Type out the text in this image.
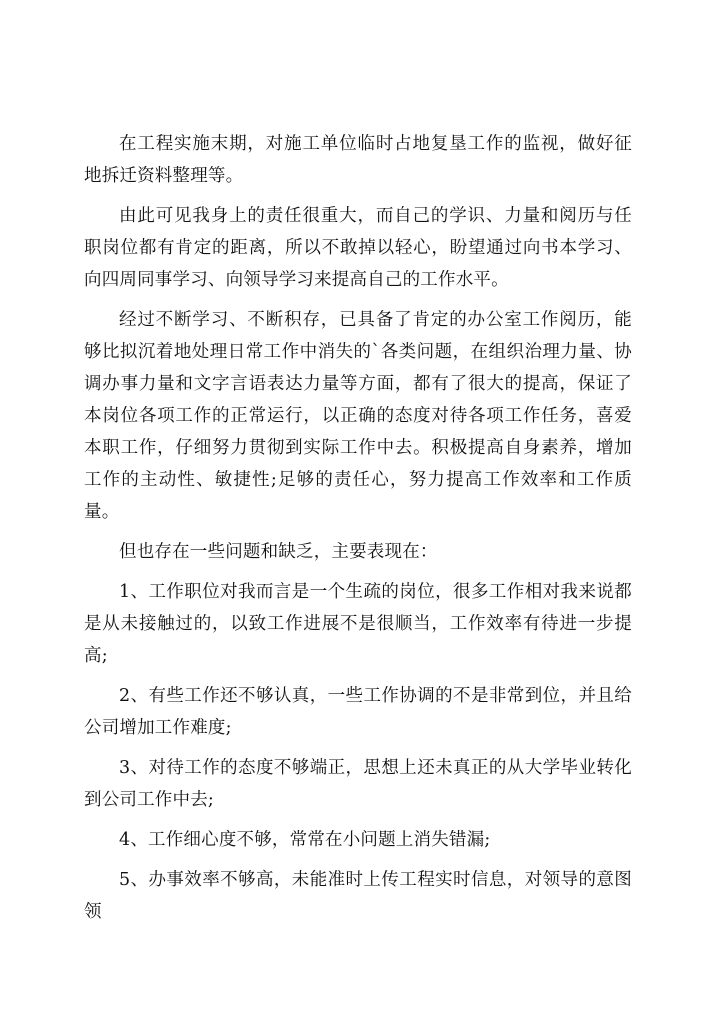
在工程实施末期，对施工单位临时占地复垦工作的监视，做好征地拆迁资料整理等。

由此可见我身上的责任很重大，而自己的学识、力量和阅历与任职岗位都有肯定的距离，所以不敢掉以轻心，盼望通过向书本学习、向四周同事学习、向领导学习来提高自己的工作水平。

经过不断学习、不断积存，已具备了肯定的办公室工作阅历，能够比拟沉着地处理日常工作中消失的`各类问题，在组织治理力量、协调办事力量和文字言语表达力量等方面，都有了很大的提高，保证了本岗位各项工作的正常运行，以正确的态度对待各项工作任务，喜爱本职工作，仔细努力贯彻到实际工作中去。积极提高自身素养，增加工作的主动性、敏捷性;足够的责任心，努力提高工作效率和工作质量。

但也存在一些问题和缺乏，主要表现在：

1、工作职位对我而言是一个生疏的岗位，很多工作相对我来说都是从未接触过的，以致工作进展不是很顺当，工作效率有待进一步提高;

2、有些工作还不够认真，一些工作协调的不是非常到位，并且给公司增加工作难度;

3、对待工作的态度不够端正，思想上还未真正的从大学毕业转化到公司工作中去;

4、工作细心度不够，常常在小问题上消失错漏;

5、办事效率不够高，未能准时上传工程实时信息，对领导的意图领
